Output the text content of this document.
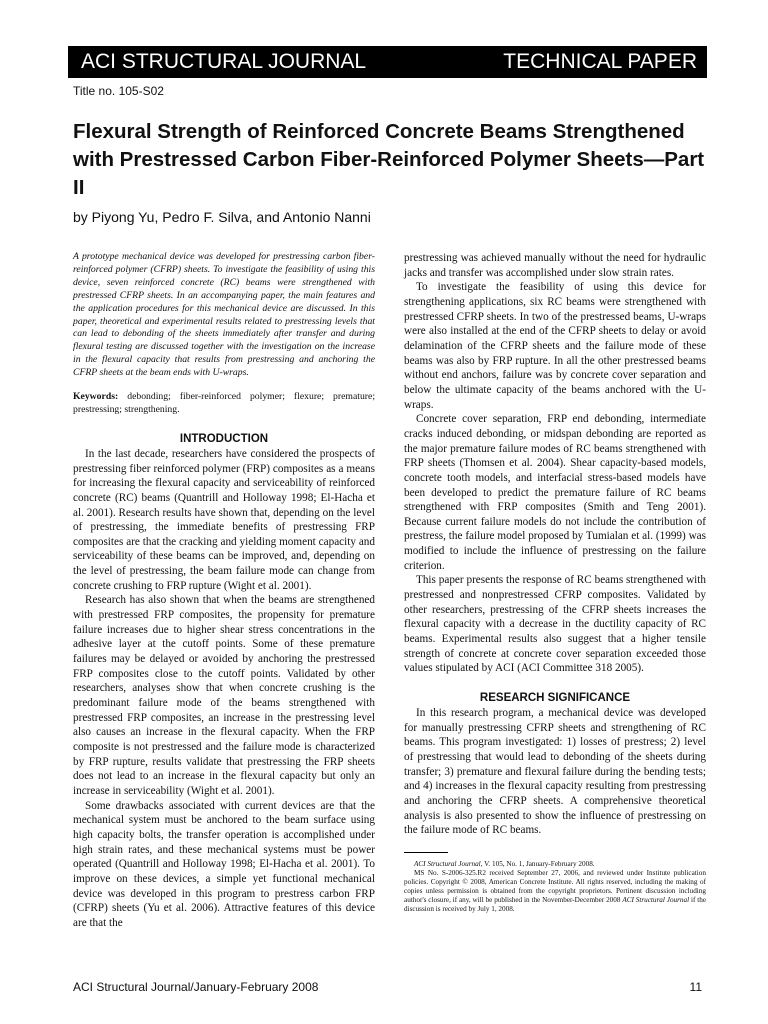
ACI STRUCTURAL JOURNAL	TECHNICAL PAPER
Title no. 105-S02
Flexural Strength of Reinforced Concrete Beams Strengthened with Prestressed Carbon Fiber-Reinforced Polymer Sheets—Part II
by Piyong Yu, Pedro F. Silva, and Antonio Nanni

A prototype mechanical device was developed for prestressing carbon fiber-reinforced polymer (CFRP) sheets. To investigate the feasibility of using this device, seven reinforced concrete (RC) beams were strengthened with prestressed CFRP sheets. In an accompanying paper, the main features and the application procedures for this mechanical device are discussed. In this paper, theoretical and experimental results related to prestressing levels that can lead to debonding of the sheets immediately after transfer and during flexural testing are discussed together with the investigation on the increase in the flexural capacity that results from prestressing and anchoring the CFRP sheets at the beam ends with U-wraps.

Keywords: debonding; fiber-reinforced polymer; flexure; premature; prestressing; strengthening.

INTRODUCTION

In the last decade, researchers have considered the prospects of prestressing fiber reinforced polymer (FRP) composites as a means for increasing the flexural capacity and serviceability of reinforced concrete (RC) beams (Quantrill and Holloway 1998; El-Hacha et al. 2001). Research results have shown that, depending on the level of prestressing, the immediate benefits of prestressing FRP composites are that the cracking and yielding moment capacity and serviceability of these beams can be improved, and, depending on the level of prestressing, the beam failure mode can change from concrete crushing to FRP rupture (Wight et al. 2001).

Research has also shown that when the beams are strengthened with prestressed FRP composites, the propensity for premature failure increases due to higher shear stress concentrations in the adhesive layer at the cutoff points. Some of these premature failures may be delayed or avoided by anchoring the prestressed FRP composites close to the cutoff points. Validated by other researchers, analyses show that when concrete crushing is the predominant failure mode of the beams strengthened with prestressed FRP composites, an increase in the prestressing level also causes an increase in the flexural capacity. When the FRP composite is not prestressed and the failure mode is characterized by FRP rupture, results validate that prestressing the FRP sheets does not lead to an increase in the flexural capacity but only an increase in serviceability (Wight et al. 2001).

Some drawbacks associated with current devices are that the mechanical system must be anchored to the beam surface using high capacity bolts, the transfer operation is accomplished under high strain rates, and these mechanical systems must be power operated (Quantrill and Holloway 1998; El-Hacha et al. 2001). To improve on these devices, a simple yet functional mechanical device was developed in this program to prestress carbon FRP (CFRP) sheets (Yu et al. 2006). Attractive features of this device are that the

prestressing was achieved manually without the need for hydraulic jacks and transfer was accomplished under slow strain rates.

To investigate the feasibility of using this device for strengthening applications, six RC beams were strengthened with prestressed CFRP sheets. In two of the prestressed beams, U-wraps were also installed at the end of the CFRP sheets to delay or avoid delamination of the CFRP sheets and the failure mode of these beams was also by FRP rupture. In all the other prestressed beams without end anchors, failure was by concrete cover separation and below the ultimate capacity of the beams anchored with the U-wraps.

Concrete cover separation, FRP end debonding, intermediate cracks induced debonding, or midspan debonding are reported as the major premature failure modes of RC beams strengthened with FRP sheets (Thomsen et al. 2004). Shear capacity-based models, concrete tooth models, and interfacial stress-based models have been developed to predict the premature failure of RC beams strengthened with FRP composites (Smith and Teng 2001). Because current failure models do not include the contribution of prestress, the failure model proposed by Tumialan et al. (1999) was modified to include the influence of prestressing on the failure criterion.

This paper presents the response of RC beams strengthened with prestressed and nonprestressed CFRP composites. Validated by other researchers, prestressing of the CFRP sheets increases the flexural capacity with a decrease in the ductility capacity of RC beams. Experimental results also suggest that a higher tensile strength of concrete at concrete cover separation exceeded those values stipulated by ACI (ACI Committee 318 2005).

RESEARCH SIGNIFICANCE

In this research program, a mechanical device was developed for manually prestressing CFRP sheets and strengthening of RC beams. This program investigated: 1) losses of prestress; 2) level of prestressing that would lead to debonding of the sheets during transfer; 3) premature and flexural failure during the bending tests; and 4) increases in the flexural capacity resulting from prestressing and anchoring the CFRP sheets. A comprehensive theoretical analysis is also presented to show the influence of prestressing on the failure mode of RC beams.

ACI Structural Journal, V. 105, No. 1, January-February 2008.

MS No. S-2006-325.R2 received September 27, 2006, and reviewed under Institute publication policies. Copyright © 2008, American Concrete Institute. All rights reserved, including the making of copies unless permission is obtained from the copyright proprietors. Pertinent discussion including author's closure, if any, will be published in the November-December 2008 ACI Structural Journal if the discussion is received by July 1, 2008.

ACI Structural Journal/January-February 2008	11
